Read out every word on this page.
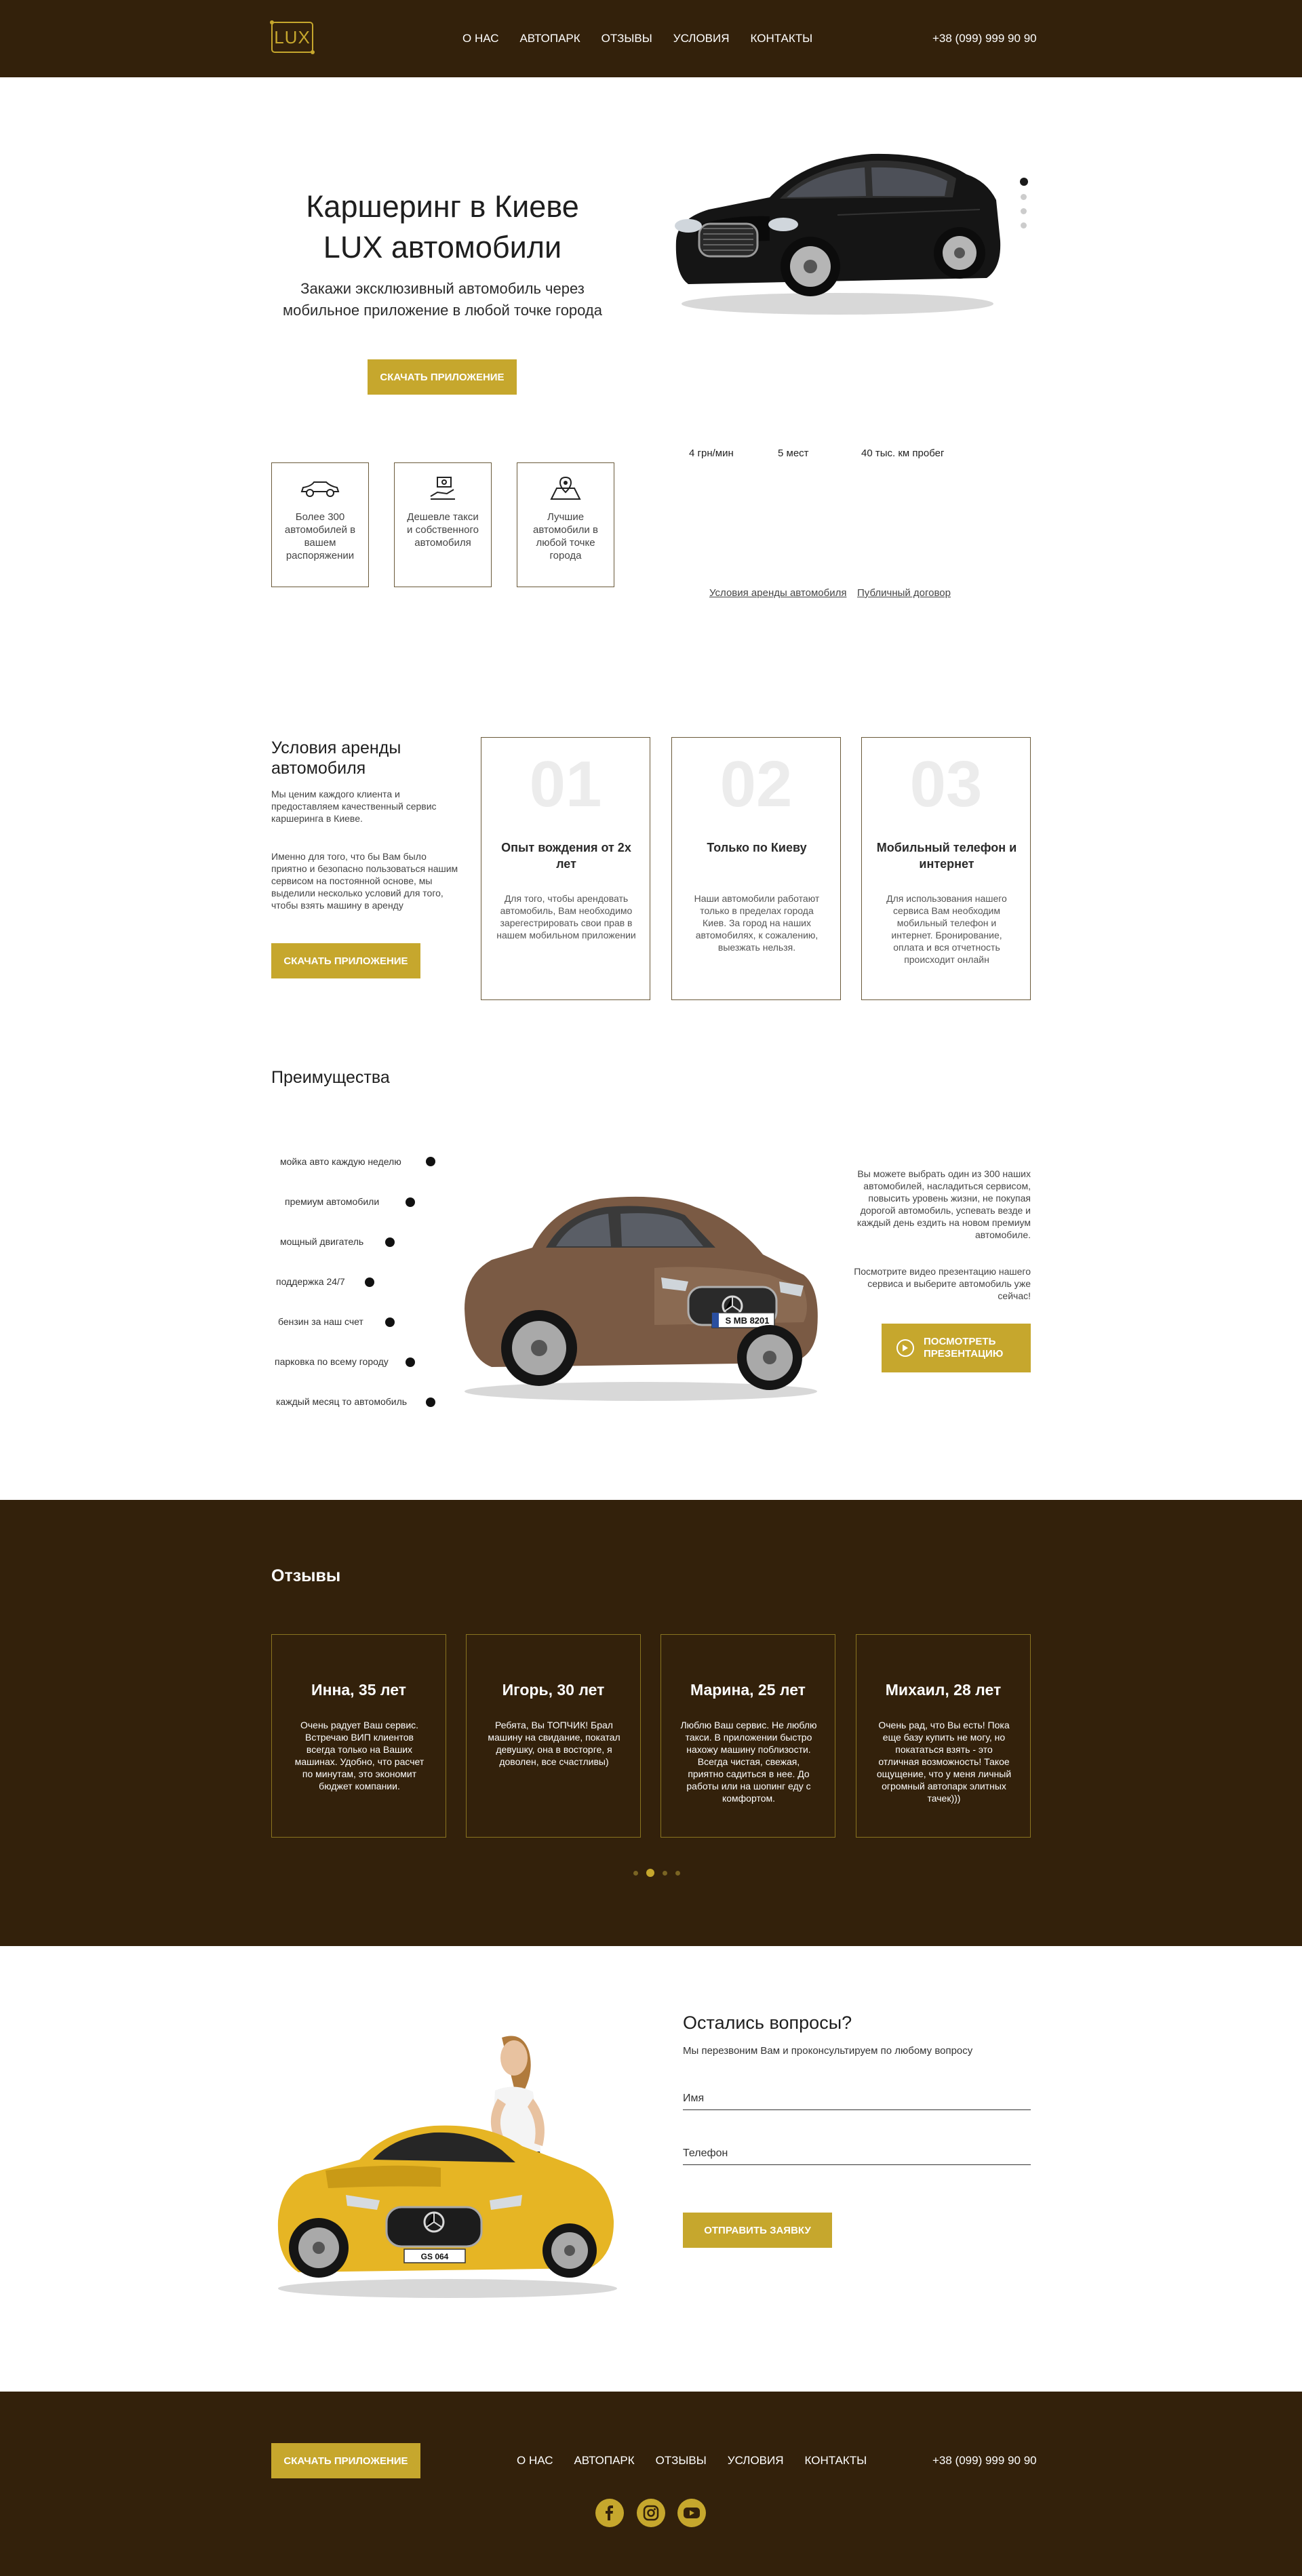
LUX	О НАС АВТОПАРК ОТЗЫВЫ УСЛОВИЯ КОНТАКТЫ	+38 (099) 999 90 90
Каршеринг в Киеве
LUX автомобили
Закажи эксклюзивный автомобиль через мобильное приложение в любой точке города
СКАЧАТЬ ПРИЛОЖЕНИЕ
Более 300 автомобилей в вашем распоряжении
Дешевле такси и собственного автомобиля
Лучшие автомобили в любой точке города
4 грн/мин	5 мест	40 тыс. км пробег
Условия аренды автомобиля Публичный договор
Условия аренды автомобиля
Мы ценим каждого клиента и предоставляем качественный сервис каршеринга в Киеве.
Именно для того, что бы Вам было приятно и безопасно пользоваться нашим сервисом на постоянной основе, мы выделили несколько условий для того, чтобы взять машину в аренду
СКАЧАТЬ ПРИЛОЖЕНИЕ
01
Опыт вождения от 2х лет
Для того, чтобы арендовать автомобиль, Вам необходимо зарегестрировать свои прав в нашем мобильном приложении
02
Только по Киеву
Наши автомобили работают только в пределах города Киев. За город на наших автомобилях, к сожалению, выезжать нельзя.
03
Мобильный телефон и интернет
Для использования нашего сервиса Вам необходим мобильный телефон и интернет. Бронирование, оплата и вся отчетность происходит онлайн
Преимущества
мойка авто каждую неделю
премиум автомобили
мощный двигатель
поддержка 24/7
бензин за наш счет
парковка по всему городу
каждый месяц то автомобиль
S MB 8201
Вы можете выбрать один из 300 наших автомобилей, насладиться сервисом, повысить уровень жизни, не покупая дорогой автомобиль, успевать везде и каждый день ездить на новом премиум автомобиле.
Посмотрите видео презентацию нашего сервиса и выберите автомобиль уже сейчас!
ПОСМОТРЕТЬ ПРЕЗЕНТАЦИЮ
Отзывы
Инна, 35 лет
Очень радует Ваш сервис. Встречаю ВИП клиентов всегда только на Ваших машинах. Удобно, что расчет по минутам, это экономит бюджет компании.
Игорь, 30 лет
Ребята, Вы ТОПЧИК! Брал машину на свидание, покатал девушку, она в восторге, я доволен, все счастливы)
Марина, 25 лет
Люблю Ваш сервис. Не люблю такси. В приложении быстро нахожу машину поблизости. Всегда чистая, свежая, приятно садиться в нее. До работы или на шопинг еду с комфортом.
Михаил, 28 лет
Очень рад, что Вы есть! Пока еще базу купить не могу, но покататься взять - это отличная возможность! Такое ощущение, что у меня личный огромный автопарк элитных тачек)))
GS 064
Остались вопросы?
Мы перезвоним Вам и проконсультируем по любому вопросу
Имя
Телефон
ОТПРАВИТЬ ЗАЯВКУ
СКАЧАТЬ ПРИЛОЖЕНИЕ	О НАС АВТОПАРК ОТЗЫВЫ УСЛОВИЯ КОНТАКТЫ	+38 (099) 999 90 90
